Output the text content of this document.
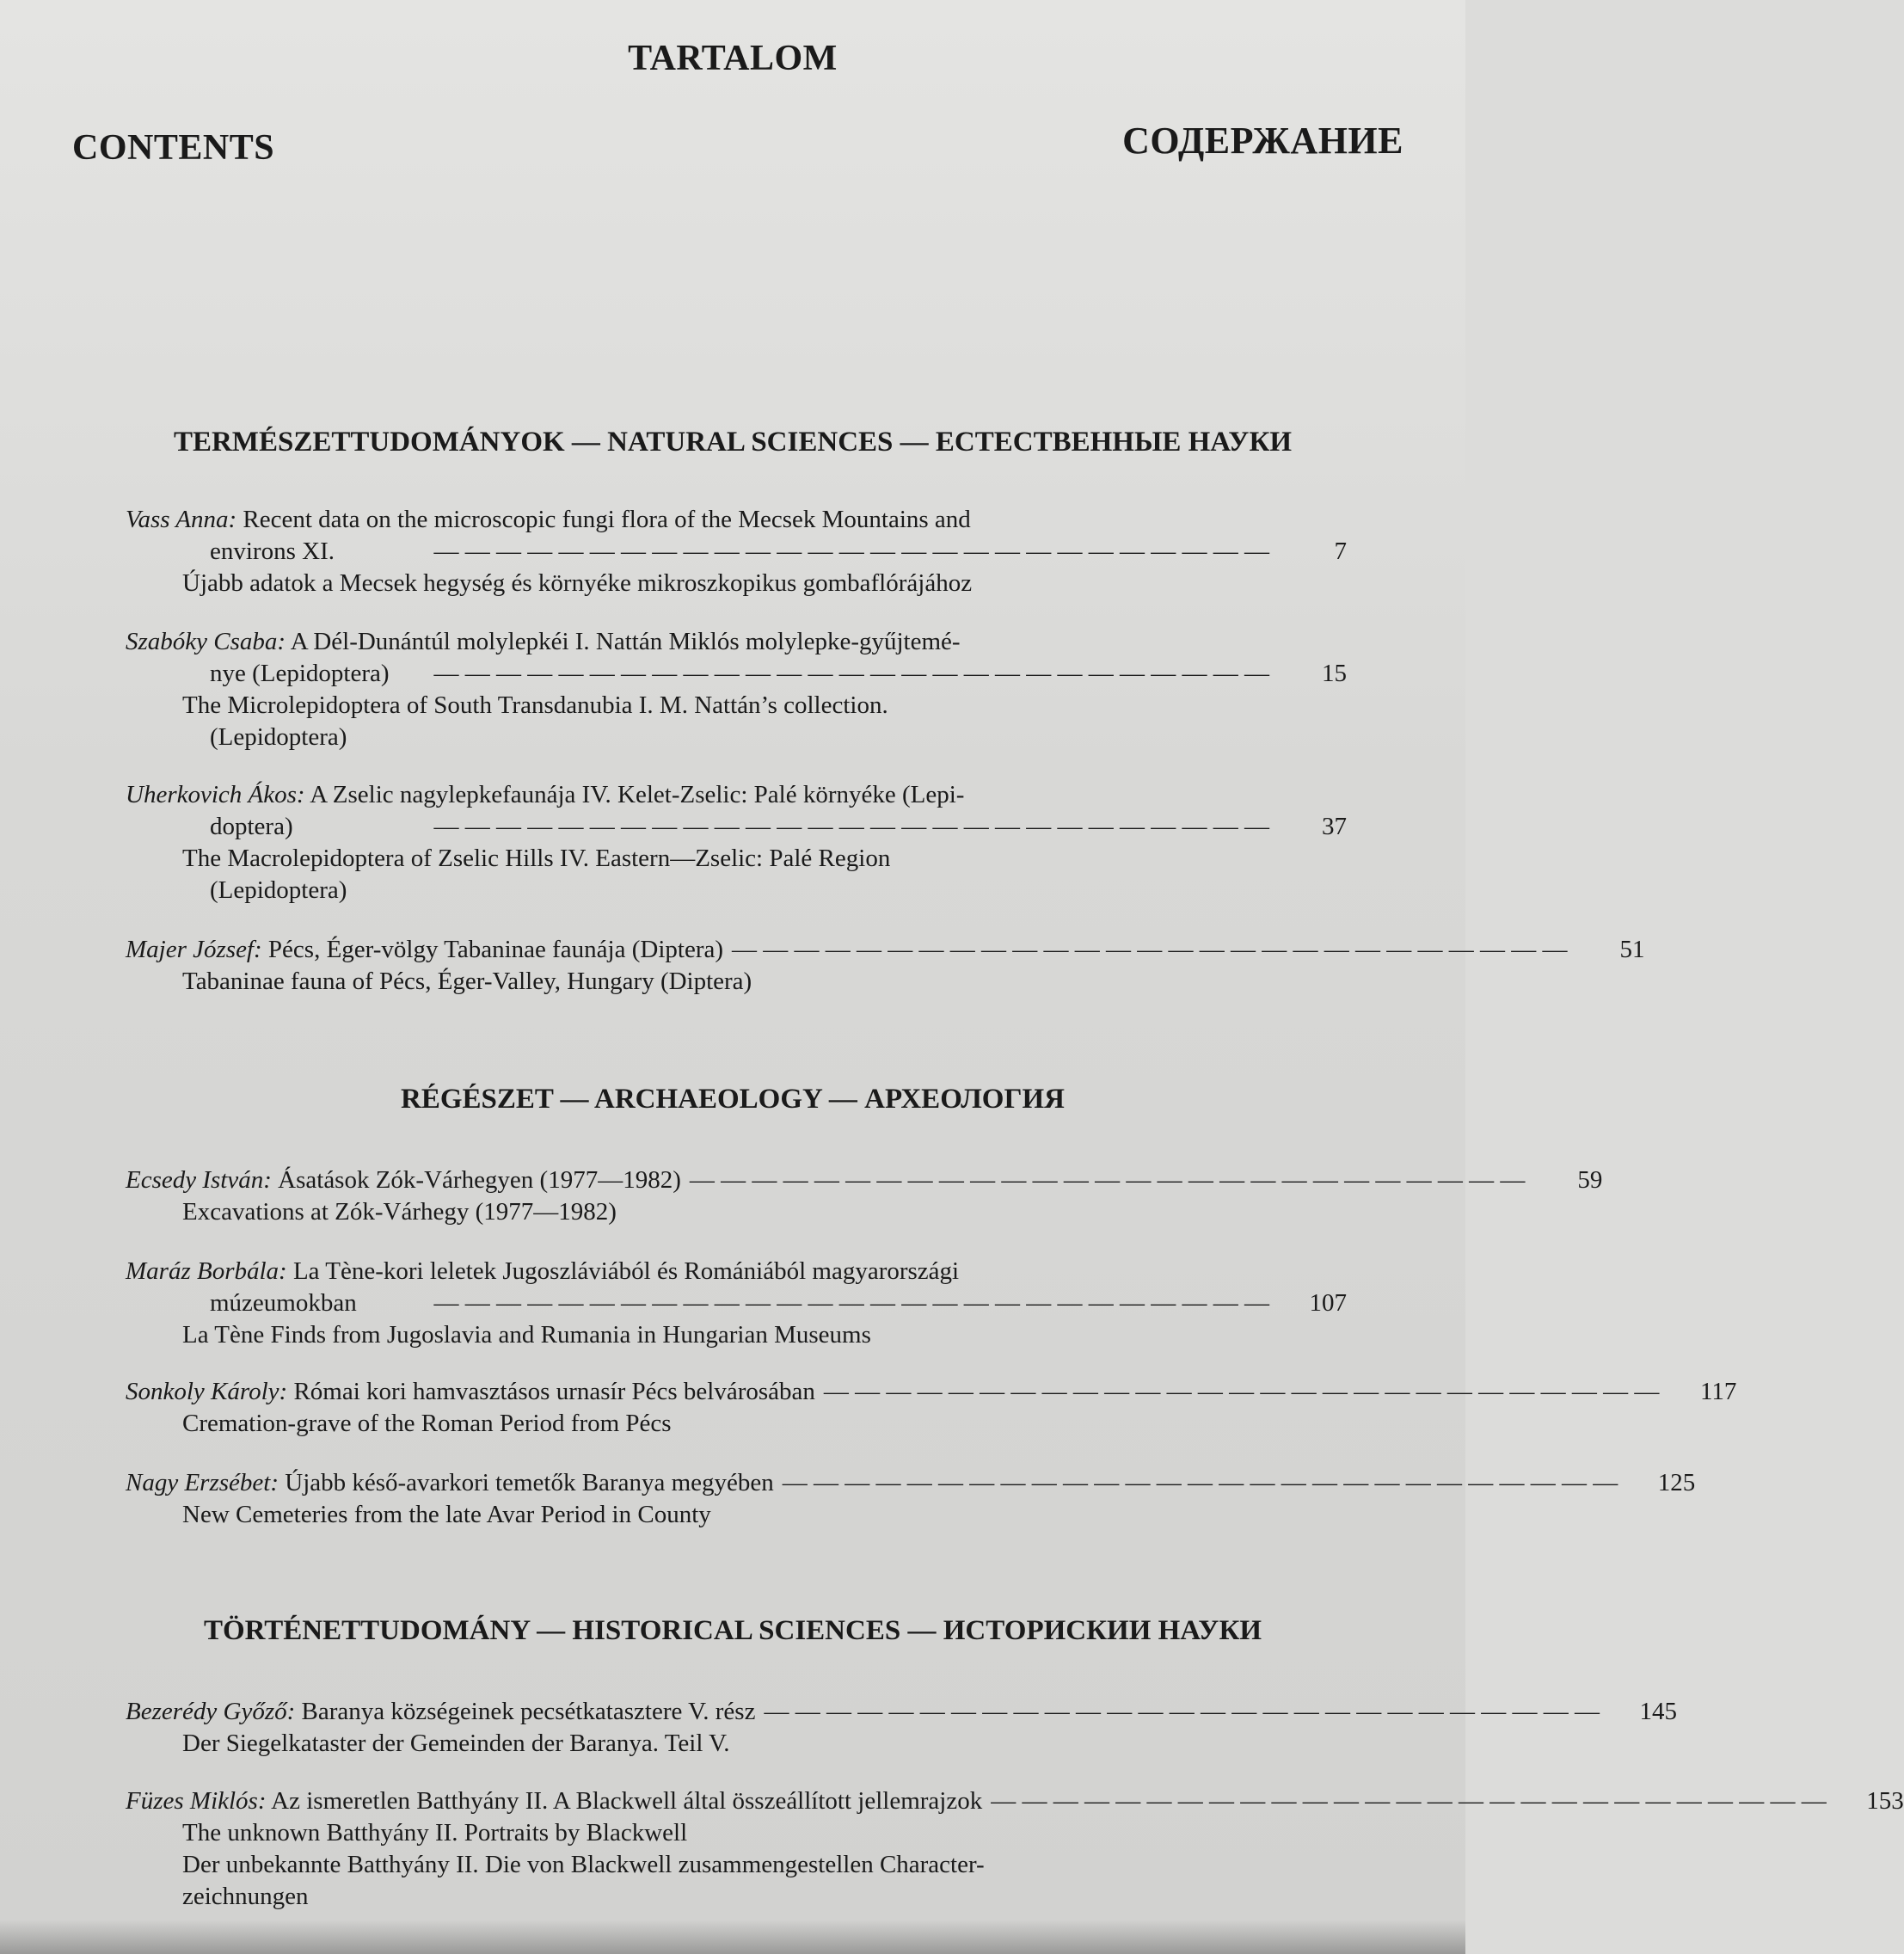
TARTALOM
CONTENTS	СОДЕРЖАНИЕ
TERMÉSZETTUDOMÁNYOK — NATURAL SCIENCES — ЕСТЕСТВЕННЫЕ НАУКИ
Vass Anna: Recent data on the microscopic fungi flora of the Mecsek Mountains and
environs XI.	— — — — — — — — — — — — — — — — — — — — — — — — — — —	7
Újabb adatok a Mecsek hegység és környéke mikroszkopikus gombaflórájához
Szabóky Csaba: A Dél-Dunántúl molylepkéi I. Nattán Miklós molylepke-gyűjtemé-
nye (Lepidoptera)	— — — — — — — — — — — — — — — — — — — — — — — — — — —	15
The Microlepidoptera of South Transdanubia I. M. Nattán’s collection.
(Lepidoptera)
Uherkovich Ákos: A Zselic nagylepkefaunája IV. Kelet-Zselic: Palé környéke (Lepi-
doptera)	— — — — — — — — — — — — — — — — — — — — — — — — — — —	37
The Macrolepidoptera of Zselic Hills IV. Eastern—Zselic: Palé Region
(Lepidoptera)
Majer József: Pécs, Éger-völgy Tabaninae faunája (Diptera) — — — — — — — — — — — — — — — — — — — — — — — — — — —	51
Tabaninae fauna of Pécs, Éger-Valley, Hungary (Diptera)
RÉGÉSZET — ARCHAEOLOGY — АРХЕОЛОГИЯ
Ecsedy István: Ásatások Zók-Várhegyen (1977—1982) — — — — — — — — — — — — — — — — — — — — — — — — — — —	59
Excavations at Zók-Várhegy (1977—1982)
Maráz Borbála: La Tène-kori leletek Jugoszláviából és Romániából magyarországi
múzeumokban	— — — — — — — — — — — — — — — — — — — — — — — — — — —	107
La Tène Finds from Jugoslavia and Rumania in Hungarian Museums
Sonkoly Károly: Római kori hamvasztásos urnasír Pécs belvárosában — — — — — — — — — — — — — — — — — — — — — — — — — — —	117
Cremation-grave of the Roman Period from Pécs
Nagy Erzsébet: Újabb késő-avarkori temetők Baranya megyében — — — — — — — — — — — — — — — — — — — — — — — — — — —	125
New Cemeteries from the late Avar Period in County
TÖRTÉNETTUDOMÁNY — HISTORICAL SCIENCES — ИСТОРИСКИИ НАУКИ
Bezerédy Győző: Baranya községeinek pecsétkatasztere V. rész — — — — — — — — — — — — — — — — — — — — — — — — — — —	145
Der Siegelkataster der Gemeinden der Baranya. Teil V.
Füzes Miklós: Az ismeretlen Batthyány II. A Blackwell által összeállított jellemrajzok — — — — — — — — — — — — — — — — — — — — — — — — — — —	153
The unknown Batthyány II. Portraits by Blackwell
Der unbekannte Batthyány II. Die von Blackwell zusammengestellen Character-
zeichnungen
